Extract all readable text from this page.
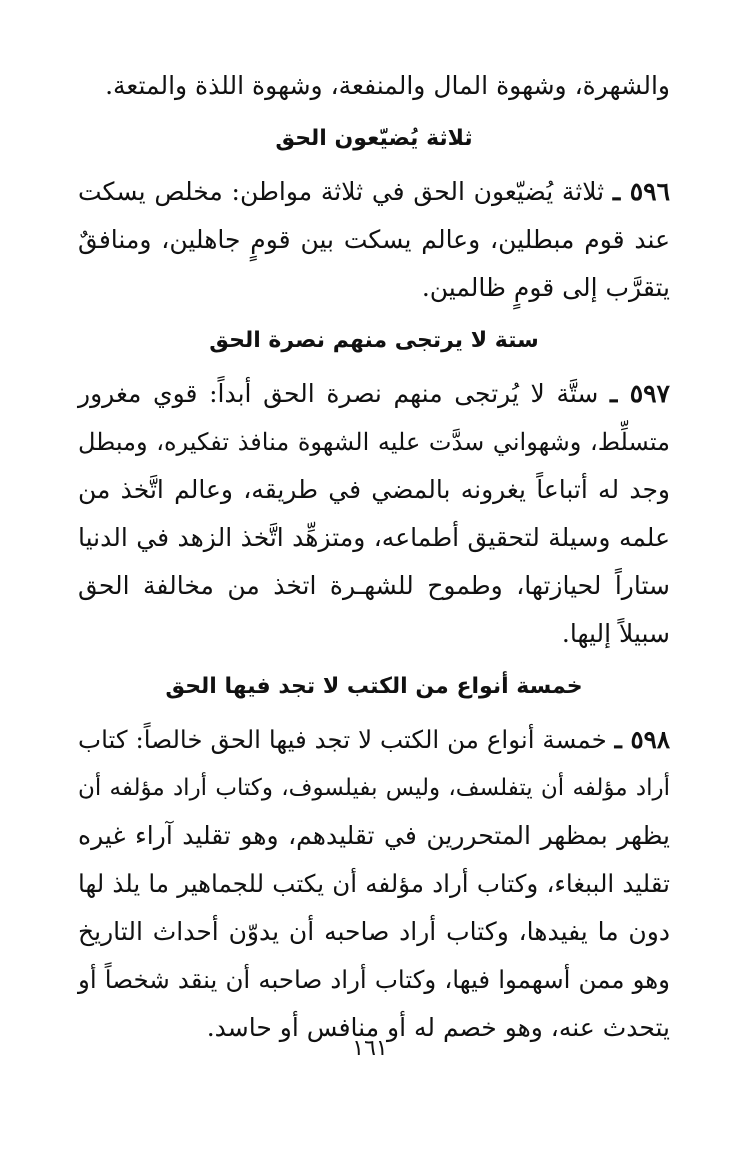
والشهرة، وشهوة المال والمنفعة، وشهوة اللذة والمتعة.
ثلاثة يُضيّعون الحق
٥٩٦ ـ ثلاثة يُضيّعون الحق في ثلاثة مواطن: مخلص يسكت
عند قوم مبطلين، وعالم يسكت بين قومٍ جاهلين، ومنافقٌ
يتقرَّب إلى قومٍ ظالمين.
ستة لا يرتجى منهم نصرة الحق
٥٩٧ ـ ستَّة لا يُرتجى منهم نصرة الحق أبداً: قوي مغرور
متسلِّط، وشهواني سدَّت عليه الشهوة منافذ تفكيره، ومبطل
وجد له أتباعاً يغرونه بالمضي في طريقه، وعالم اتَّخذ من
علمه وسيلة لتحقيق أطماعه، ومتزهِّد اتَّخذ الزهد في الدنيا
ستاراً لحيازتها، وطموح للشهـرة اتخذ من مخالفة الحق
سبيلاً إليها.
خمسة أنواع من الكتب لا تجد فيها الحق
٥٩٨ ـ خمسة أنواع من الكتب لا تجد فيها الحق خالصاً: كتاب
أراد مؤلفه أن يتفلسف، وليس بفيلسوف، وكتاب أراد مؤلفه أن
يظهر بمظهر المتحررين في تقليدهم، وهو تقليد آراء غيره
تقليد الببغاء، وكتاب أراد مؤلفه أن يكتب للجماهير ما يلذ لها
دون ما يفيدها، وكتاب أراد صاحبه أن يدوّن أحداث التاريخ
وهو ممن أسهموا فيها، وكتاب أراد صاحبه أن ينقد شخصاً أو
يتحدث عنه، وهو خصم له أو منافس أو حاسد.
١٦١
